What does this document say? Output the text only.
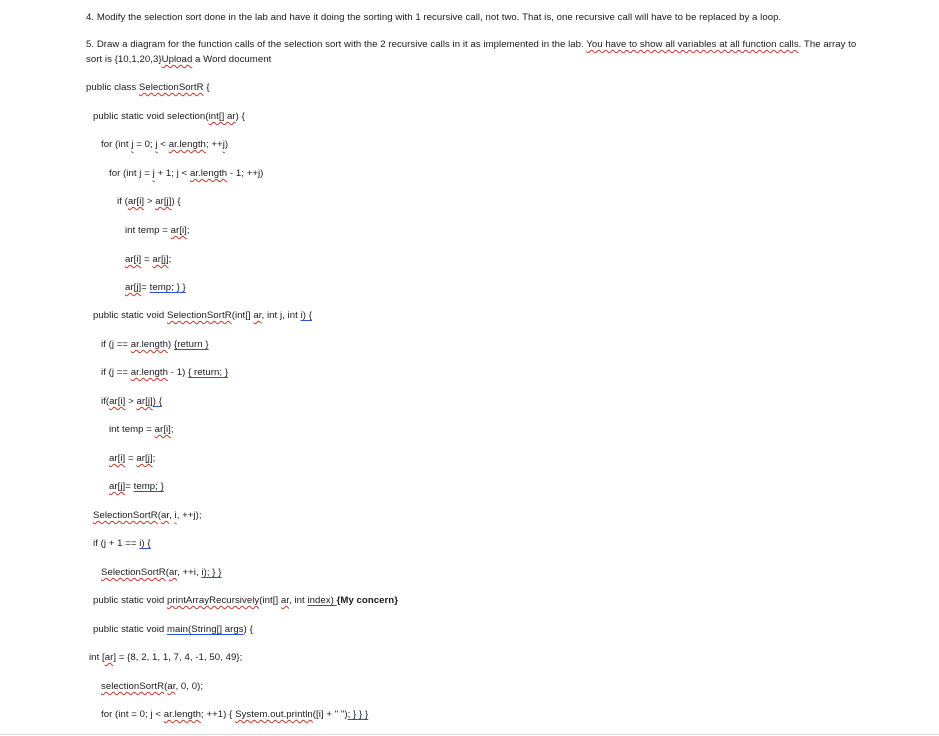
4. Modify the selection sort done in the lab and have it doing the sorting with 1 recursive call, not two. That is, one recursive call will have to be replaced by a loop.
5. Draw a diagram for the function calls of the selection sort with the 2 recursive calls in it as implemented in the lab. You have to show all variables at all function calls. The array to
sort is {10,1,20,3}Upload a Word document
public class SelectionSortR {
public static void selection(int[] ar) {
for (int j = 0; j < ar.length; ++j)
for (int j = j + 1; j < ar.length - 1; ++j)
if (ar[i] > ar[j]) {
int temp = ar[i];
ar[i] = ar[j];
ar[j]= temp; } }
public static void SelectionSortR(int[] ar, int j, int i) {
if (j == ar.length) {return }
if (j == ar.length - 1) { return; }
if(ar[i] > ar[j]) {
int temp = ar[i];
ar[i] = ar[j];
ar[j]= temp; }
SelectionSortR(ar, i, ++j);
if (j + 1 == i) {
SelectionSortR(ar, ++i, i); } }
public static void printArrayRecursively(int[] ar, int index) {My concern}
public static void main(String[] args) {
int [ar] = {8, 2, 1, 1, 7, 4, -1, 50, 49};
selectionSortR(ar, 0, 0);
for (int = 0; j < ar.length; ++1) { System.out.println([i] + " "); } } }
